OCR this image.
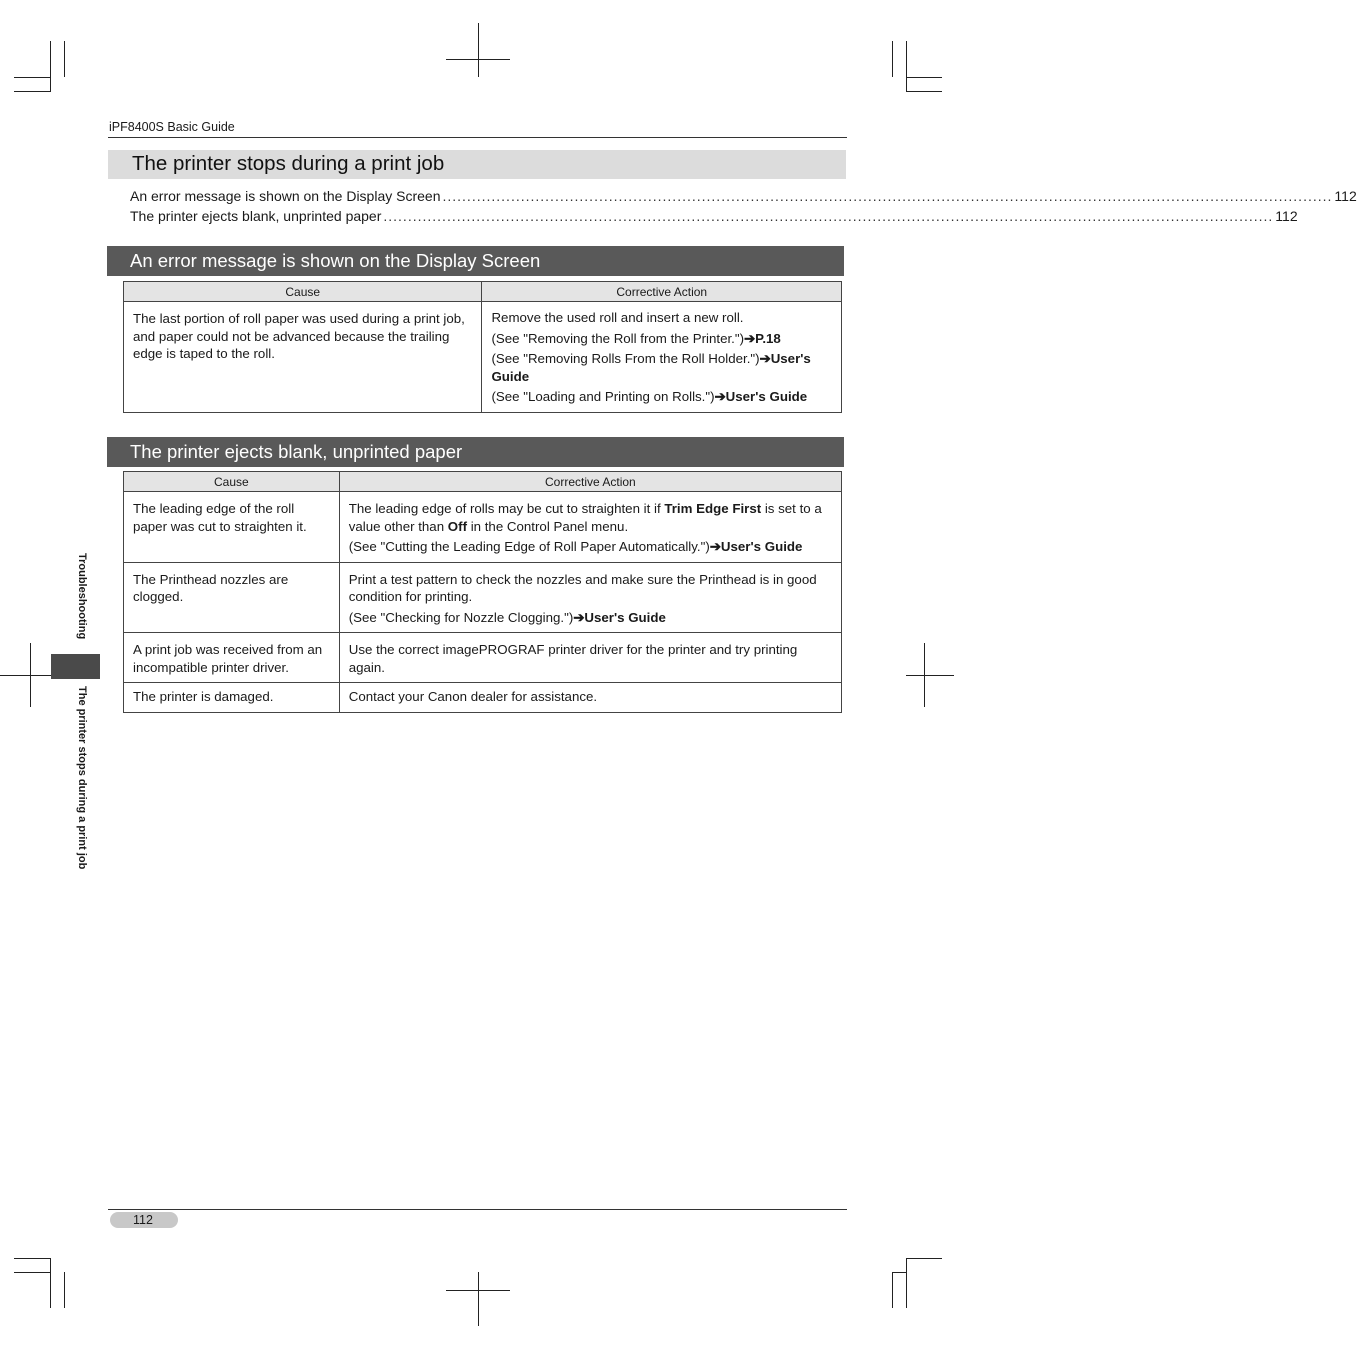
iPF8400S Basic Guide
The printer stops during a print job
An error message is shown on the Display Screen ...................................................................................................................................................................................... 112
The printer ejects blank, unprinted paper ...................................................................................................................................................................................... 112
An error message is shown on the Display Screen
Cause	Corrective Action
The last portion of roll paper was used during a print job, and paper could not be advanced because the trailing edge is taped to the roll.	Remove the used roll and insert a new roll.

(See "Removing the Roll from the Printer.")➔P.18

(See "Removing Rolls From the Roll Holder.")➔User's Guide

(See "Loading and Printing on Rolls.")➔User's Guide

The printer ejects blank, unprinted paper
Cause	Corrective Action
The leading edge of the roll paper was cut to straighten it.	The leading edge of rolls may be cut to straighten it if Trim Edge First is set to a value other than Off in the Control Panel menu.

(See "Cutting the Leading Edge of Roll Paper Automatically.")➔User's Guide

The Printhead nozzles are clogged.	Print a test pattern to check the nozzles and make sure the Printhead is in good condition for printing.

(See "Checking for Nozzle Clogging.")➔User's Guide

A print job was received from an incompatible printer driver.	Use the correct imagePROGRAF printer driver for the printer and try printing again.
The printer is damaged.	Contact your Canon dealer for assistance.
Troubleshooting
The printer stops during a print job
112
